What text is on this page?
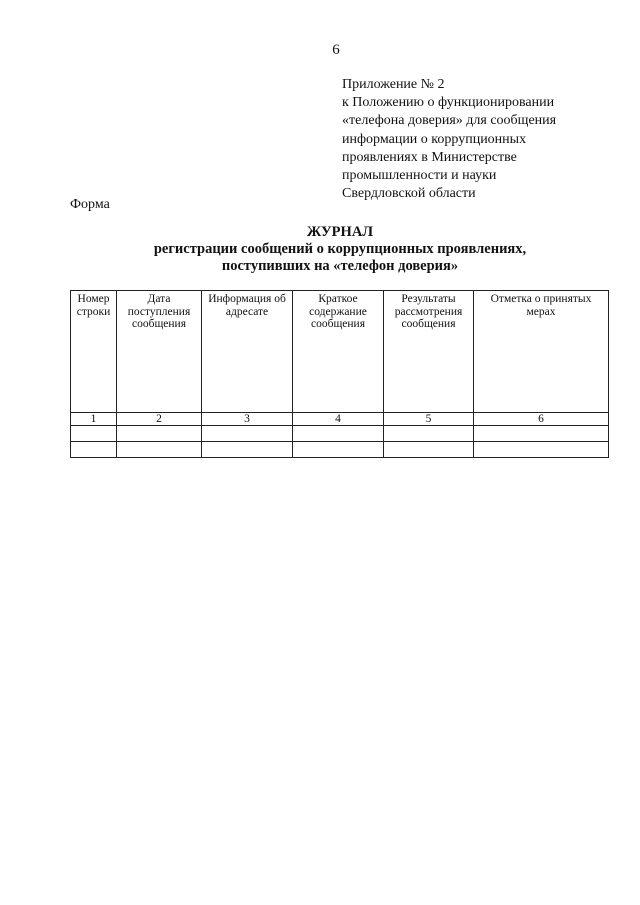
6
Приложение № 2
к Положению о функционировании
«телефона доверия» для сообщения
информации о коррупционных
проявлениях в Министерстве
промышленности и науки
Свердловской области
Форма
ЖУРНАЛ
регистрации сообщений о коррупционных проявлениях,
поступивших на «телефон доверия»
Номер строки	Дата поступления сообщения	Информация об адресате	Краткое содержание сообщения	Результаты рассмотрения сообщения	Отметка о принятых мерах
1	2	3	4	5	6
